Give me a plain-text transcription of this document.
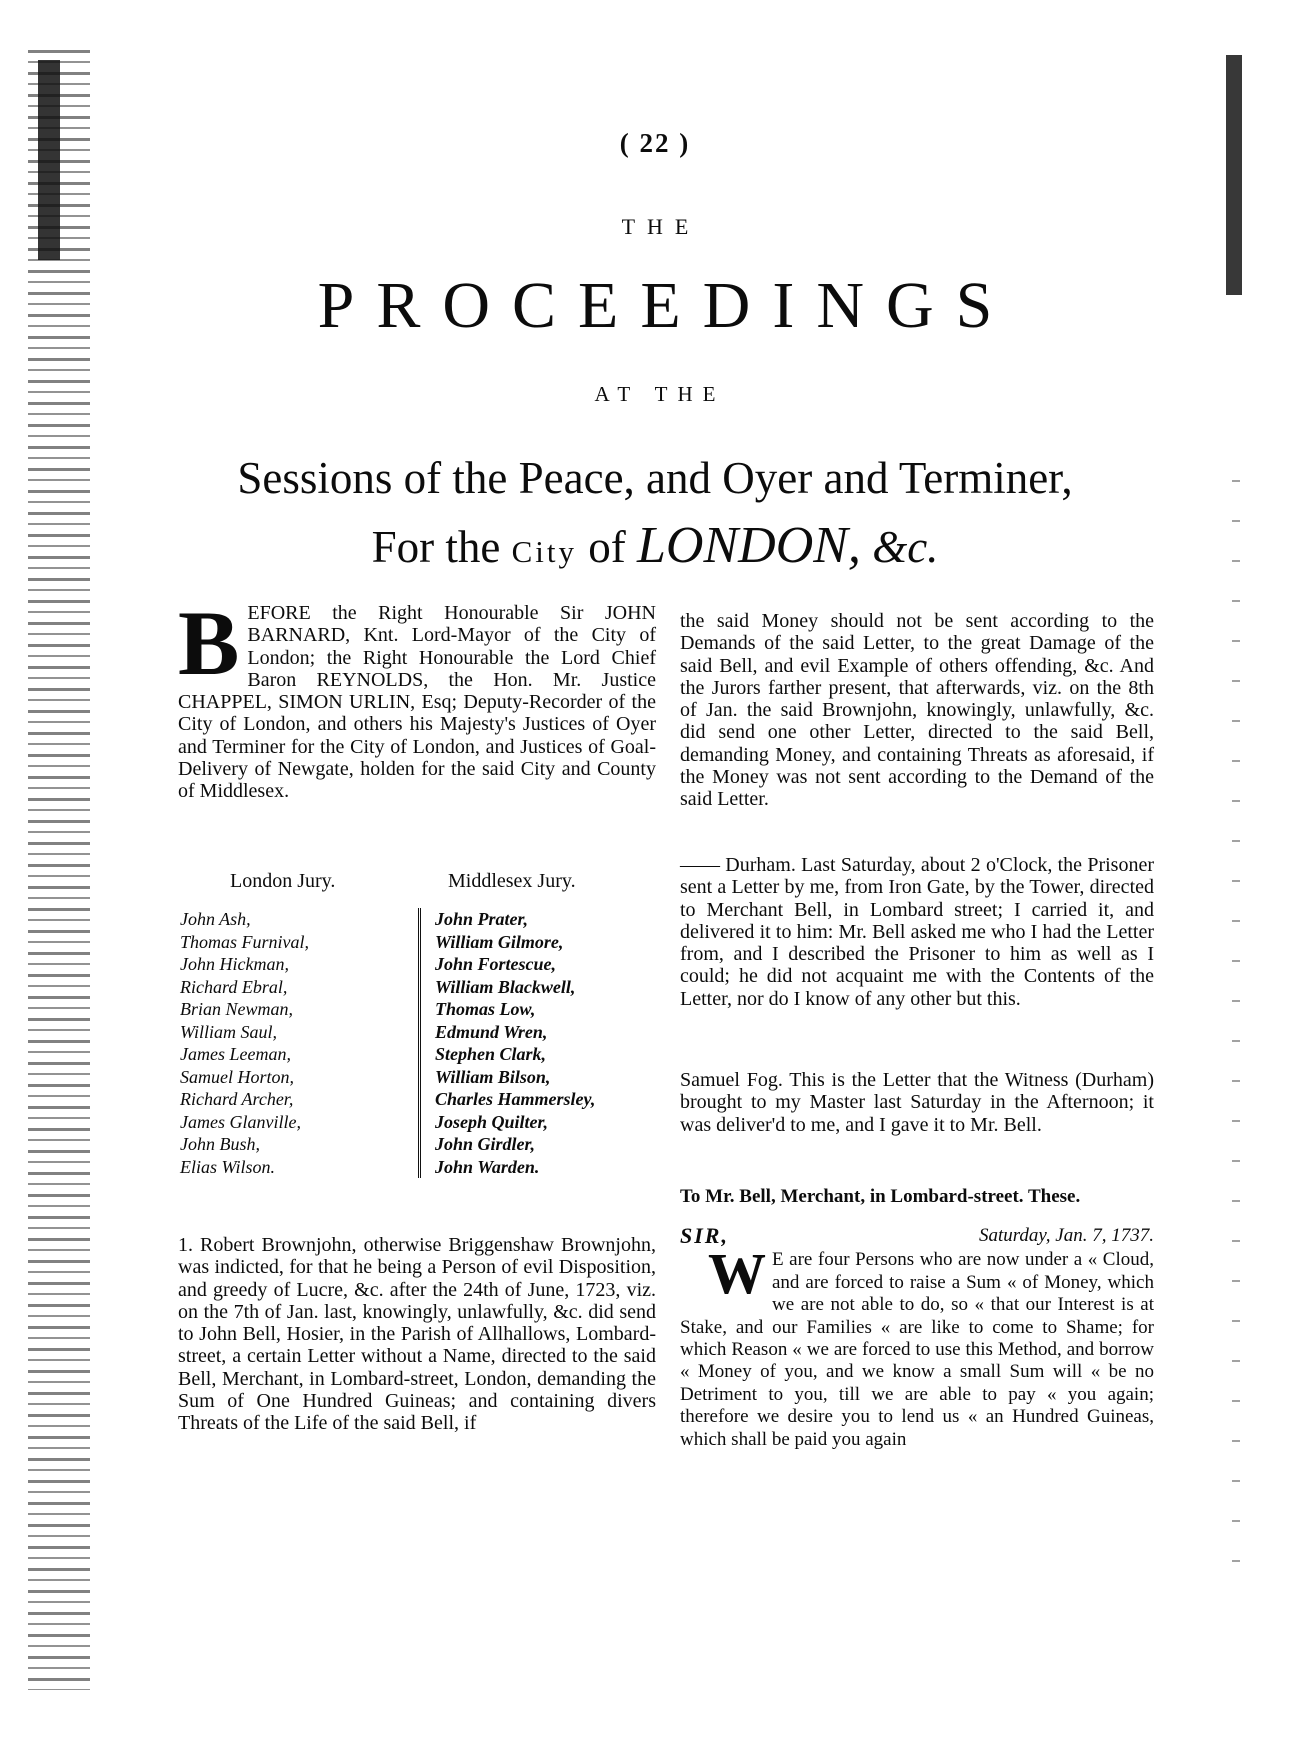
( 22 )
THE
PROCEEDINGS
AT THE
Sessions of the Peace, and Oyer and Terminer,
For the City of LONDON, &c.
BEFORE the Right Honourable Sir JOHN BARNARD, Knt. Lord-Mayor of the City of London; the Right Honourable the Lord Chief Baron REYNOLDS, the Hon. Mr. Justice CHAPPEL, SIMON URLIN, Esq; Deputy-Recorder of the City of London, and others his Majesty's Justices of Oyer and Terminer for the City of London, and Justices of Goal-Delivery of Newgate, holden for the said City and County of Middlesex.
London Jury.	Middlesex Jury.
John Ash,
Thomas Furnival,
John Hickman,
Richard Ebral,
Brian Newman,
William Saul,
James Leeman,
Samuel Horton,
Richard Archer,
James Glanville,
John Bush,
Elias Wilson.
John Prater,
William Gilmore,
John Fortescue,
William Blackwell,
Thomas Low,
Edmund Wren,
Stephen Clark,
William Bilson,
Charles Hammersley,
Joseph Quilter,
John Girdler,
John Warden.
1. Robert Brownjohn, otherwise Briggenshaw Brownjohn, was indicted, for that he being a Person of evil Disposition, and greedy of Lucre, &c. after the 24th of June, 1723, viz. on the 7th of Jan. last, knowingly, unlawfully, &c. did send to John Bell, Hosier, in the Parish of Allhallows, Lombard-street, a certain Letter without a Name, directed to the said Bell, Merchant, in Lombard-street, London, demanding the Sum of One Hundred Guineas; and containing divers Threats of the Life of the said Bell, if
the said Money should not be sent according to the Demands of the said Letter, to the great Damage of the said Bell, and evil Example of others offending, &c. And the Jurors farther present, that afterwards, viz. on the 8th of Jan. the said Brownjohn, knowingly, unlawfully, &c. did send one other Letter, directed to the said Bell, demanding Money, and containing Threats as aforesaid, if the Money was not sent according to the Demand of the said Letter.
—— Durham. Last Saturday, about 2 o'Clock, the Prisoner sent a Letter by me, from Iron Gate, by the Tower, directed to Merchant Bell, in Lombard street; I carried it, and delivered it to him: Mr. Bell asked me who I had the Letter from, and I described the Prisoner to him as well as I could; he did not acquaint me with the Contents of the Letter, nor do I know of any other but this.
Samuel Fog. This is the Letter that the Witness (Durham) brought to my Master last Saturday in the Afternoon; it was deliver'd to me, and I gave it to Mr. Bell.
To Mr. Bell, Merchant, in Lombard-street. These.
SIR,	Saturday, Jan. 7, 1737.
W E are four Persons who are now under a « Cloud, and are forced to raise a Sum « of Money, which we are not able to do, so « that our Interest is at Stake, and our Families « are like to come to Shame; for which Reason « we are forced to use this Method, and borrow « Money of you, and we know a small Sum will « be no Detriment to you, till we are able to pay « you again; therefore we desire you to lend us « an Hundred Guineas, which shall be paid you again
